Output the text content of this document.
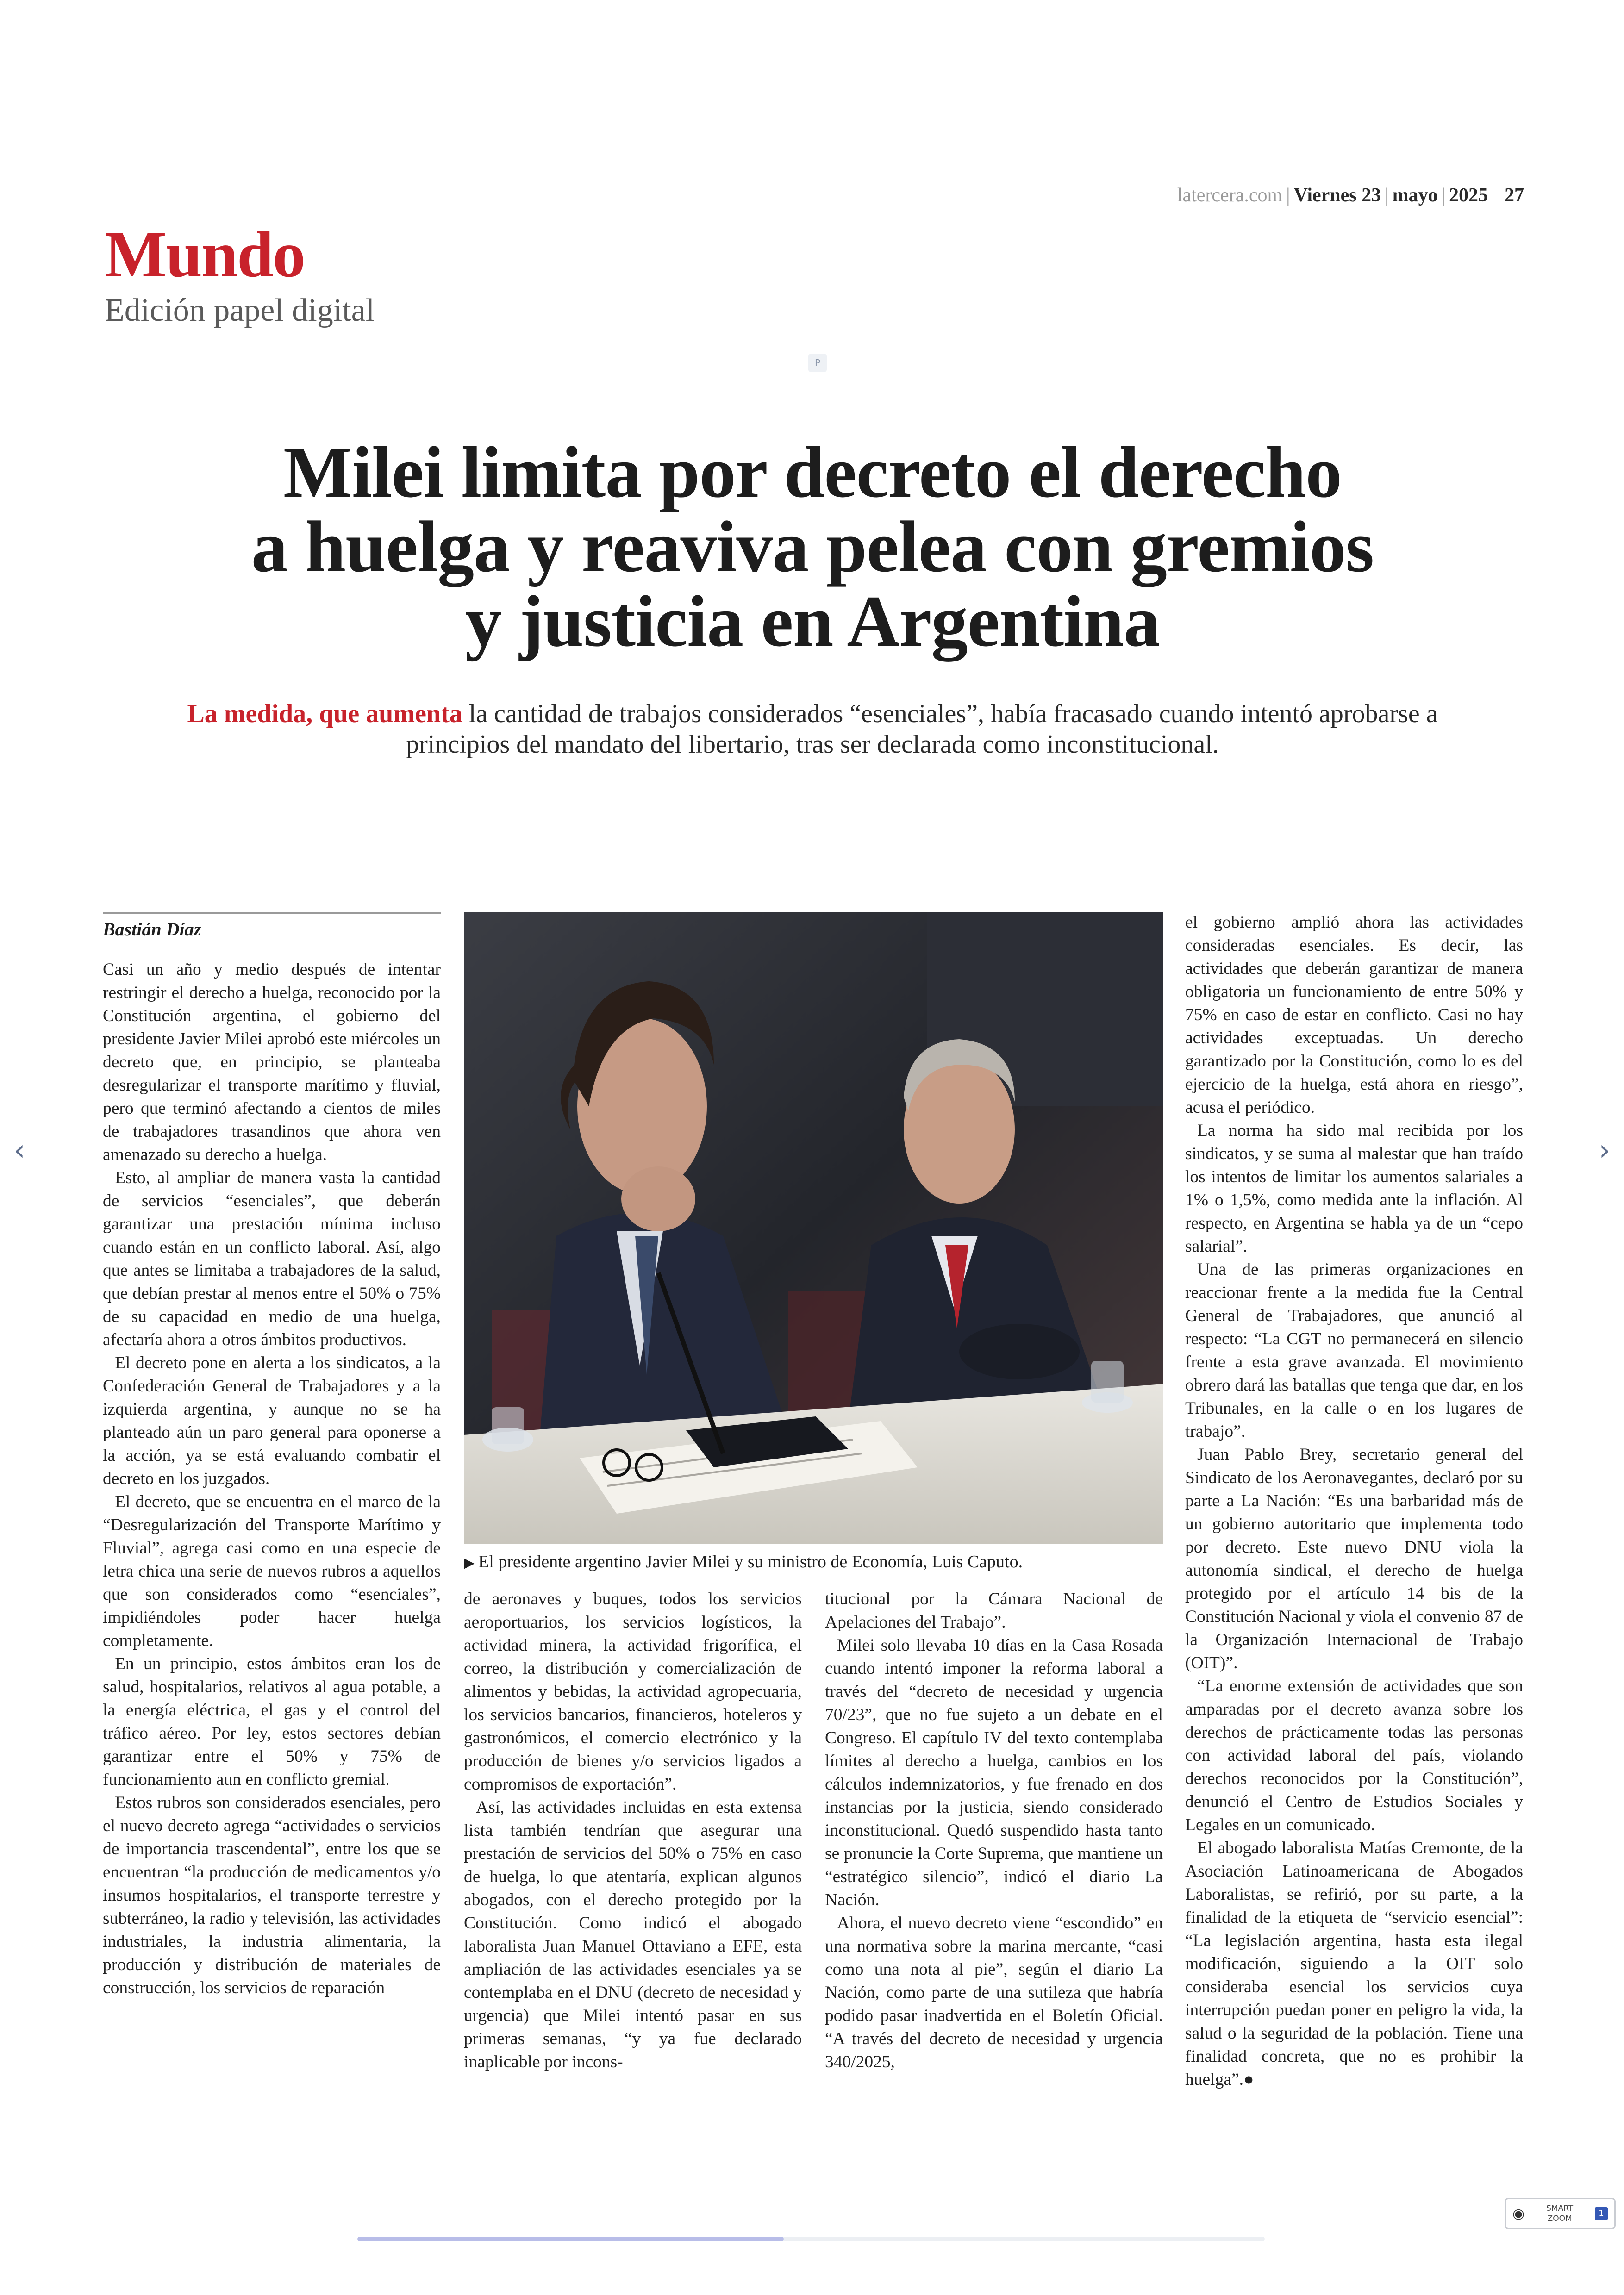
latercera.com | Viernes 23 | mayo | 2025 27
Mundo
Edición papel digital
P
Milei limita por decreto el derecho
a huelga y reaviva pelea con gremios
y justicia en Argentina
La medida, que aumenta la cantidad de trabajos considerados “esenciales”, había fracasado cuando intentó aprobarse a principios del mandato del libertario, tras ser declarada como inconstitucional.
Bastián Díaz

Casi un año y medio después de intentar restringir el derecho a huelga, reconocido por la Constitución argentina, el gobierno del presidente Javier Milei aprobó este miércoles un decreto que, en principio, se planteaba desregularizar el transporte marítimo y fluvial, pero que terminó afectando a cientos de miles de trabajadores trasandinos que ahora ven amenazado su derecho a huelga.

Esto, al ampliar de manera vasta la cantidad de servicios “esenciales”, que deberán garantizar una prestación mínima incluso cuando están en un conflicto laboral. Así, algo que antes se limitaba a trabajadores de la salud, que debían prestar al menos entre el 50% o 75% de su capacidad en medio de una huelga, afectaría ahora a otros ámbitos productivos.

El decreto pone en alerta a los sindicatos, a la Confederación General de Trabajadores y a la izquierda argentina, y aunque no se ha planteado aún un paro general para oponerse a la acción, ya se está evaluando combatir el decreto en los juzgados.

El decreto, que se encuentra en el marco de la “Desregularización del Transporte Marítimo y Fluvial”, agrega casi como en una especie de letra chica una serie de nuevos rubros a aquellos que son considerados como “esenciales”, impidiéndoles poder hacer huelga completamente.

En un principio, estos ámbitos eran los de salud, hospitalarios, relativos al agua potable, a la energía eléctrica, el gas y el control del tráfico aéreo. Por ley, estos sectores debían garantizar entre el 50% y 75% de funcionamiento aun en conflicto gremial.

Estos rubros son considerados esenciales, pero el nuevo decreto agrega “actividades o servicios de importancia trascendental”, entre los que se encuentran “la producción de medicamentos y/o insumos hospitalarios, el transporte terrestre y subterráneo, la radio y televisión, las actividades industriales, la industria alimentaria, la producción y distribución de materiales de construcción, los servicios de reparación

▶ El presidente argentino Javier Milei y su ministro de Economía, Luis Caputo.

de aeronaves y buques, todos los servicios aeroportuarios, los servicios logísticos, la actividad minera, la actividad frigorífica, el correo, la distribución y comercialización de alimentos y bebidas, la actividad agropecuaria, los servicios bancarios, financieros, hoteleros y gastronómicos, el comercio electrónico y la producción de bienes y/o servicios ligados a compromisos de exportación”.

Así, las actividades incluidas en esta extensa lista también tendrían que asegurar una prestación de servicios del 50% o 75% en caso de huelga, lo que atentaría, explican algunos abogados, con el derecho protegido por la Constitución. Como indicó el abogado laboralista Juan Manuel Ottaviano a EFE, esta ampliación de las actividades esenciales ya se contemplaba en el DNU (decreto de necesidad y urgencia) que Milei intentó pasar en sus primeras semanas, “y ya fue declarado inaplicable por incons-

titucional por la Cámara Nacional de Apelaciones del Trabajo”.

Milei solo llevaba 10 días en la Casa Rosada cuando intentó imponer la reforma laboral a través del “decreto de necesidad y urgencia 70/23”, que no fue sujeto a un debate en el Congreso. El capítulo IV del texto contemplaba límites al derecho a huelga, cambios en los cálculos indemnizatorios, y fue frenado en dos instancias por la justicia, siendo considerado inconstitucional. Quedó suspendido hasta tanto se pronuncie la Corte Suprema, que mantiene un “estratégico silencio”, indicó el diario La Nación.

Ahora, el nuevo decreto viene “escondido” en una normativa sobre la marina mercante, “casi como una nota al pie”, según el diario La Nación, como parte de una sutileza que habría podido pasar inadvertida en el Boletín Oficial. “A través del decreto de necesidad y urgencia 340/2025,

el gobierno amplió ahora las actividades consideradas esenciales. Es decir, las actividades que deberán garantizar de manera obligatoria un funcionamiento de entre 50% y 75% en caso de estar en conflicto. Casi no hay actividades exceptuadas. Un derecho garantizado por la Constitución, como lo es del ejercicio de la huelga, está ahora en riesgo”, acusa el periódico.

La norma ha sido mal recibida por los sindicatos, y se suma al malestar que han traído los intentos de limitar los aumentos salariales a 1% o 1,5%, como medida ante la inflación. Al respecto, en Argentina se habla ya de un “cepo salarial”.

Una de las primeras organizaciones en reaccionar frente a la medida fue la Central General de Trabajadores, que anunció al respecto: “La CGT no permanecerá en silencio frente a esta grave avanzada. El movimiento obrero dará las batallas que tenga que dar, en los Tribunales, en la calle o en los lugares de trabajo”.

Juan Pablo Brey, secretario general del Sindicato de los Aeronavegantes, declaró por su parte a La Nación: “Es una barbaridad más de un gobierno autoritario que implementa todo por decreto. Este nuevo DNU viola la autonomía sindical, el derecho de huelga protegido por el artículo 14 bis de la Constitución Nacional y viola el convenio 87 de la Organización Internacional de Trabajo (OIT)”.

“La enorme extensión de actividades que son amparadas por el decreto avanza sobre los derechos de prácticamente todas las personas con actividad laboral del país, violando derechos reconocidos por la Constitución”, denunció el Centro de Estudios Sociales y Legales en un comunicado.

El abogado laboralista Matías Cremonte, de la Asociación Latinoamericana de Abogados Laboralistas, se refirió, por su parte, a la finalidad de la etiqueta de “servicio esencial”: “La legislación argentina, hasta esta ilegal modificación, siguiendo a la OIT solo consideraba esencial los servicios cuya interrupción puedan poner en peligro la vida, la salud o la seguridad de la población. Tiene una finalidad concreta, que no es prohibir la huelga”.●

‹	›
◉	SMART
ZOOM
1
